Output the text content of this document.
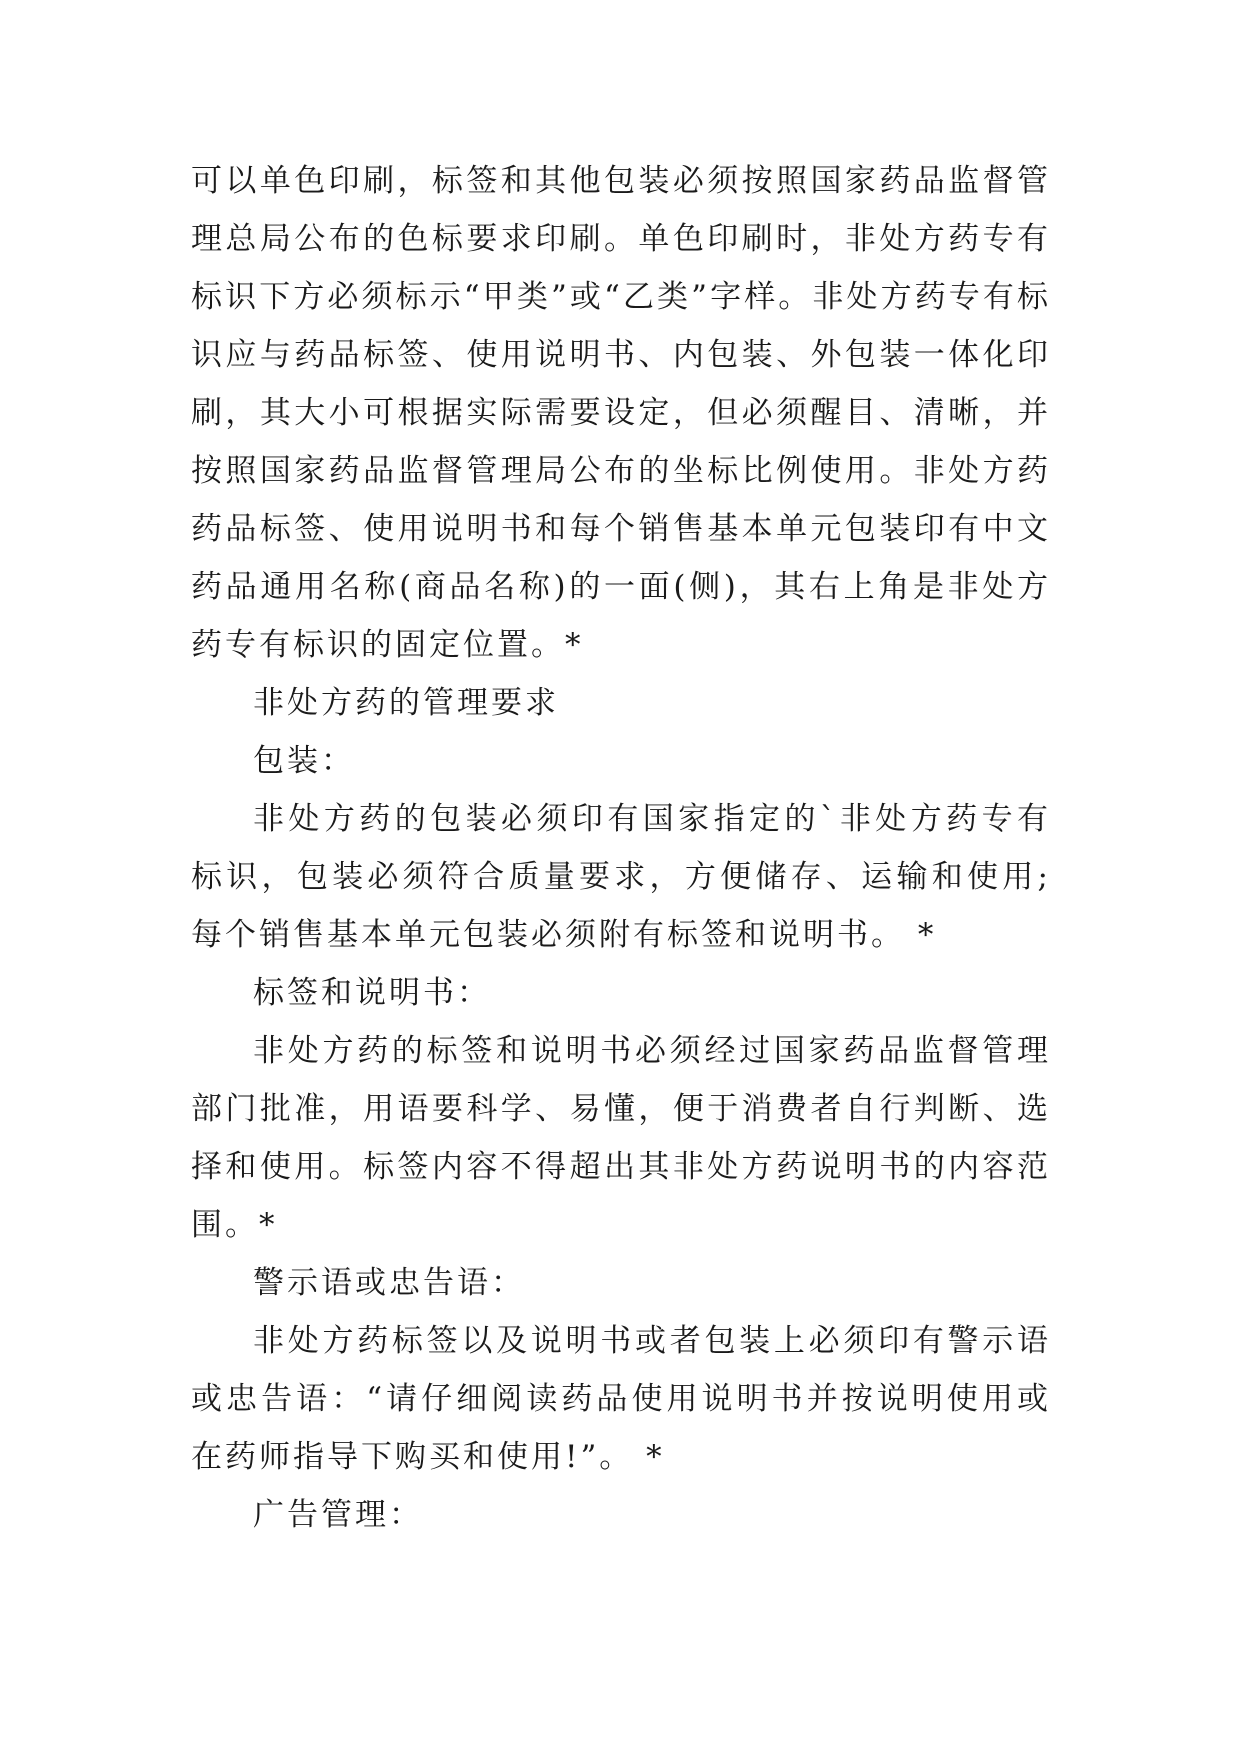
可以单色印刷，标签和其他包装必须按照国家药品监督管理总局公布的色标要求印刷。单色印刷时，非处方药专有标识下方必须标示“甲类”或“乙类”字样。非处方药专有标识应与药品标签、使用说明书、内包装、外包装一体化印刷，其大小可根据实际需要设定，但必须醒目、清晰，并按照国家药品监督管理局公布的坐标比例使用。非处方药药品标签、使用说明书和每个销售基本单元包装印有中文药品通用名称(商品名称)的一面(侧)，其右上角是非处方药专有标识的固定位置。*

非处方药的管理要求

包装：

非处方药的包装必须印有国家指定的`非处方药专有标识，包装必须符合质量要求，方便储存、运输和使用;每个销售基本单元包装必须附有标签和说明书。 *

标签和说明书：

非处方药的标签和说明书必须经过国家药品监督管理部门批准，用语要科学、易懂，便于消费者自行判断、选择和使用。标签内容不得超出其非处方药说明书的内容范围。*

警示语或忠告语：

非处方药标签以及说明书或者包装上必须印有警示语或忠告语：“请仔细阅读药品使用说明书并按说明使用或在药师指导下购买和使用!”。 *

广告管理：
